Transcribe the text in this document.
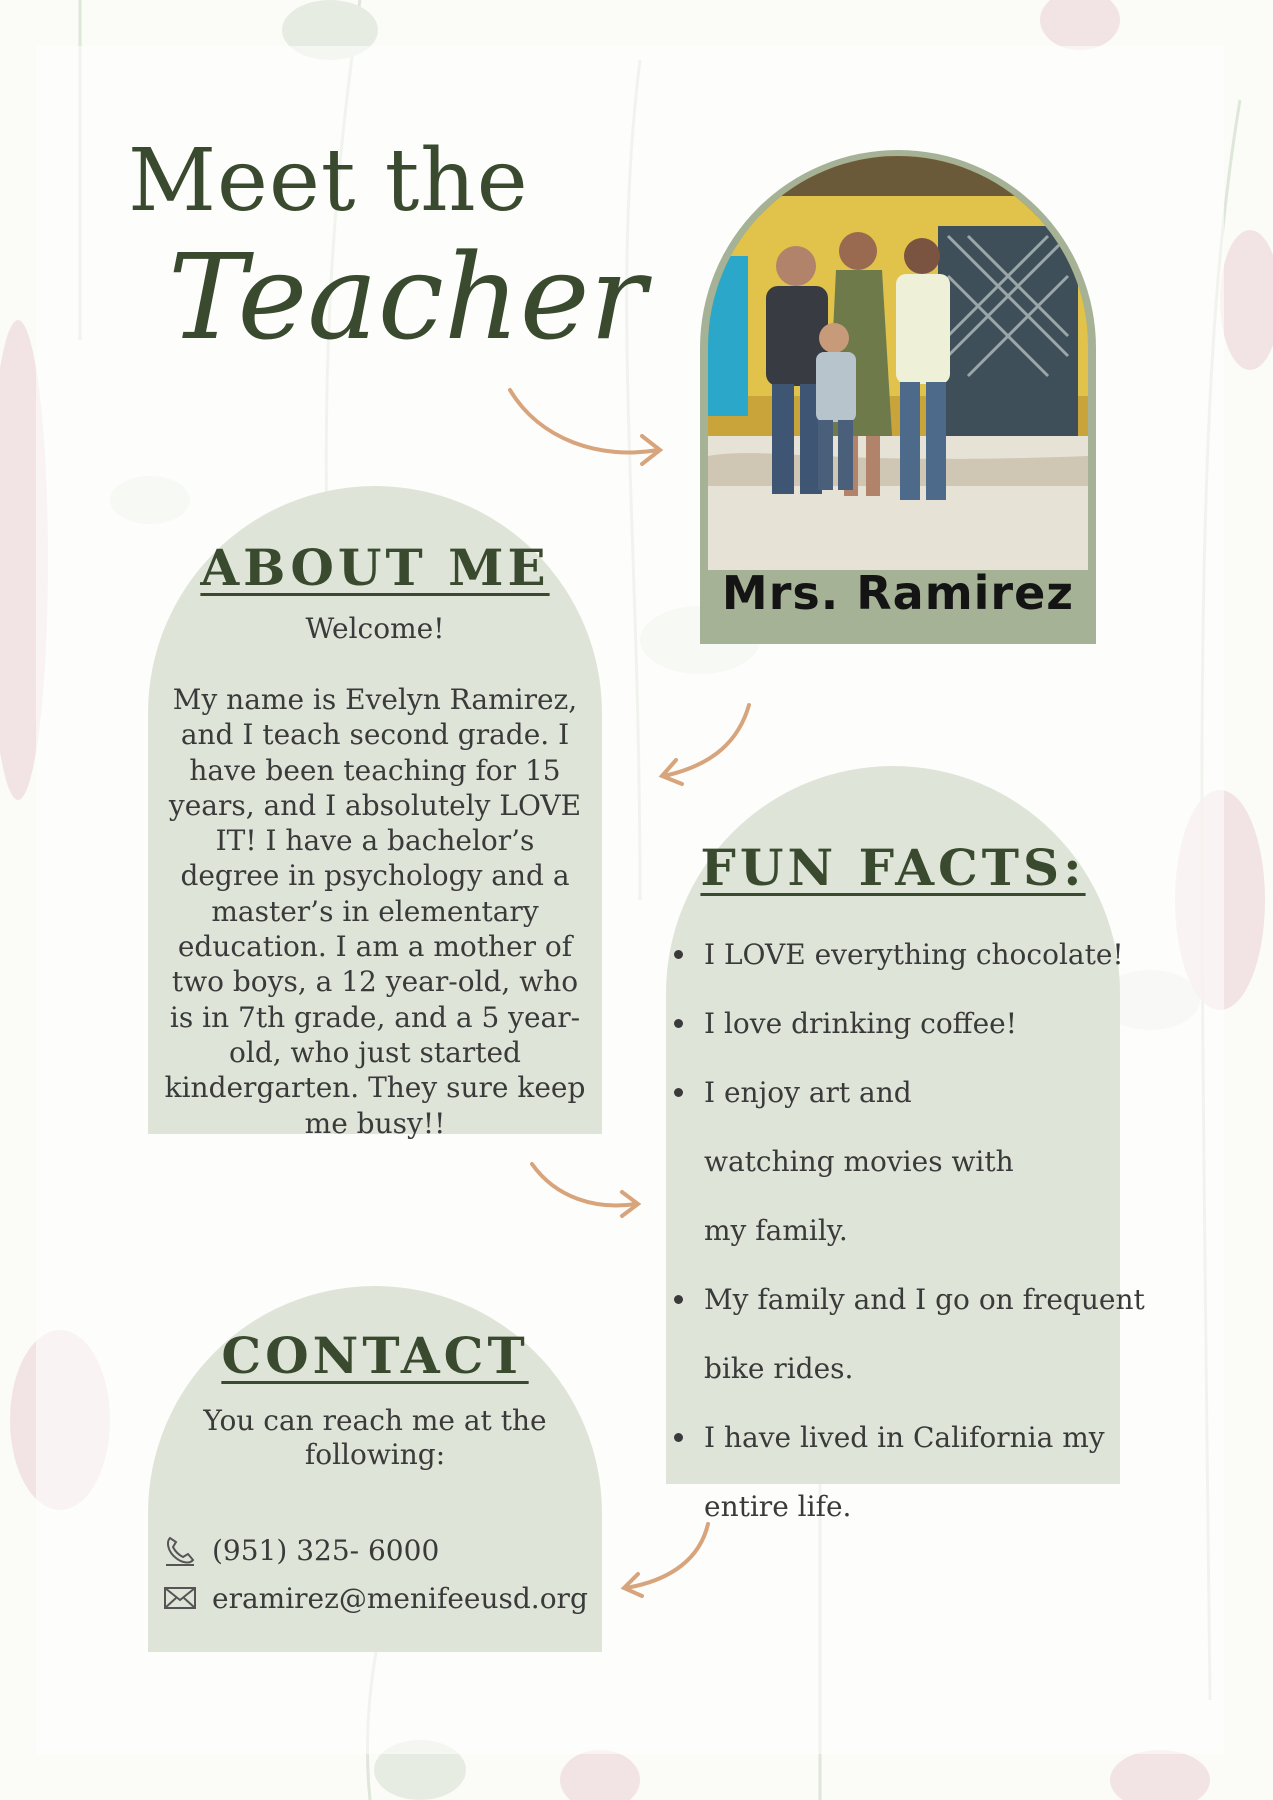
Meet the
Teacher
Mrs. Ramirez
ABOUT ME
Welcome!
My name is Evelyn Ramirez, and I teach second grade. I have been teaching for 15 years, and I absolutely LOVE IT! I have a bachelor’s degree in psychology and a master’s in elementary education. I am a mother of two boys, a 12 year-old, who is in 7th grade, and a 5 year-old, who just started kindergarten. They sure keep me busy!!
FUN FACTS:
I LOVE everything chocolate!
I love drinking coffee!
I enjoy art and watching movies with my family.
My family and I go on frequent bike rides.
I have lived in California my entire life.
CONTACT
You can reach me at the following:
(951) 325- 6000
eramirez@menifeeusd.org
